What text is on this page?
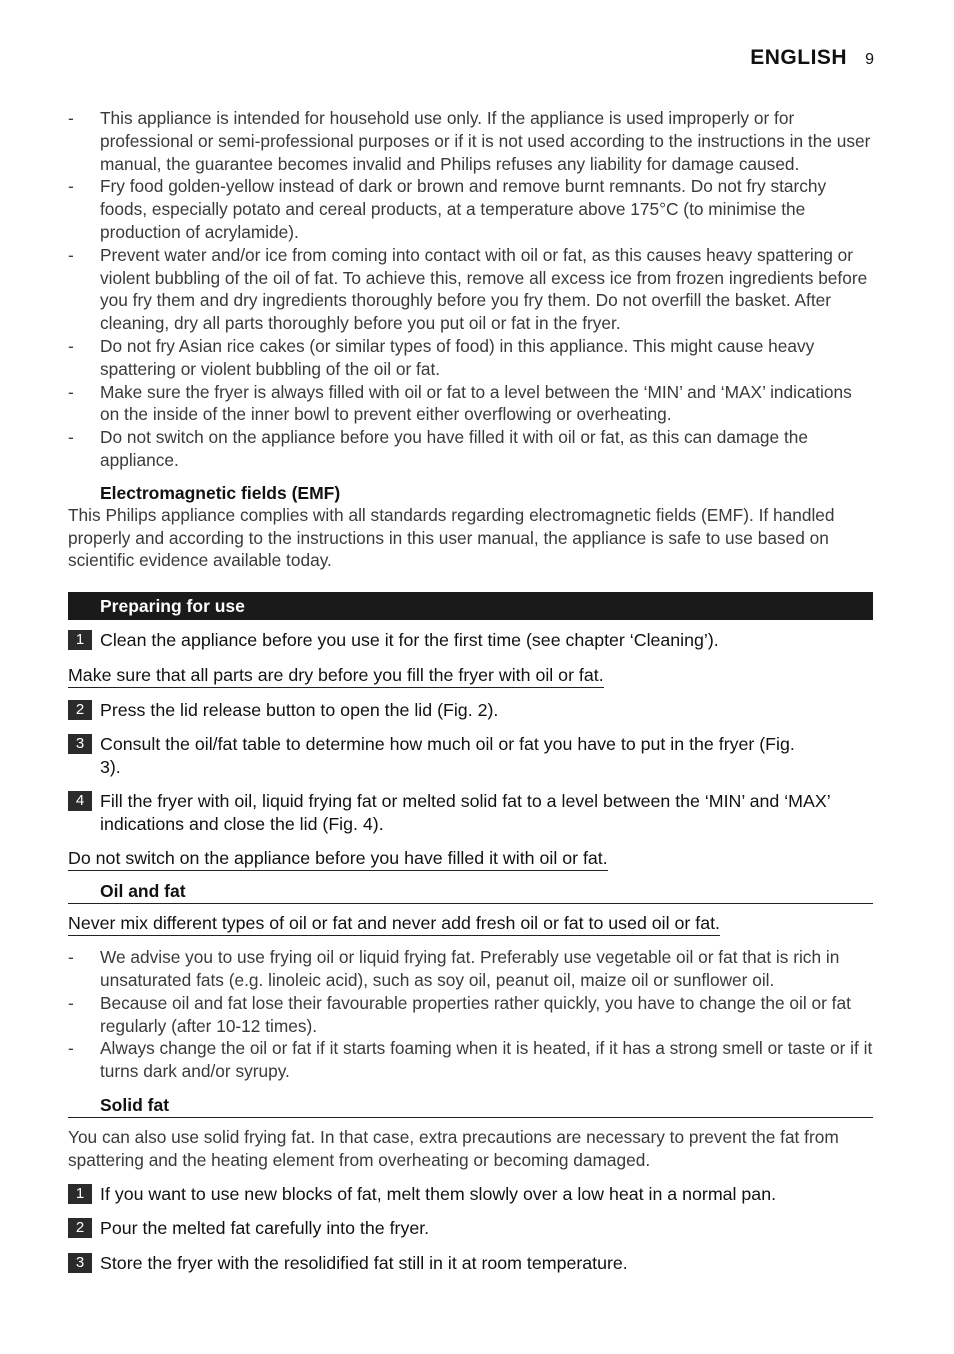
ENGLISH 9
- This appliance is intended for household use only. If the appliance is used improperly or for professional or semi-professional purposes or if it is not used according to the instructions in the user manual, the guarantee becomes invalid and Philips refuses any liability for damage caused.
- Fry food golden-yellow instead of dark or brown and remove burnt remnants. Do not fry starchy foods, especially potato and cereal products, at a temperature above 175°C (to minimise the production of acrylamide).
- Prevent water and/or ice from coming into contact with oil or fat, as this causes heavy spattering or violent bubbling of the oil of fat. To achieve this, remove all excess ice from frozen ingredients before you fry them and dry ingredients thoroughly before you fry them. Do not overfill the basket. After cleaning, dry all parts thoroughly before you put oil or fat in the fryer.
- Do not fry Asian rice cakes (or similar types of food) in this appliance. This might cause heavy spattering or violent bubbling of the oil or fat.
- Make sure the fryer is always filled with oil or fat to a level between the ‘MIN’ and ‘MAX’ indications on the inside of the inner bowl to prevent either overflowing or overheating.
- Do not switch on the appliance before you have filled it with oil or fat, as this can damage the appliance.
Electromagnetic fields (EMF)
This Philips appliance complies with all standards regarding electromagnetic fields (EMF). If handled properly and according to the instructions in this user manual, the appliance is safe to use based on scientific evidence available today.
Preparing for use
1 Clean the appliance before you use it for the first time (see chapter ‘Cleaning’).
Make sure that all parts are dry before you fill the fryer with oil or fat.
2 Press the lid release button to open the lid (Fig. 2).
3 Consult the oil/fat table to determine how much oil or fat you have to put in the fryer (Fig. 3).
4 Fill the fryer with oil, liquid frying fat or melted solid fat to a level between the ‘MIN’ and ‘MAX’ indications and close the lid (Fig. 4).
Do not switch on the appliance before you have filled it with oil or fat.
Oil and fat
Never mix different types of oil or fat and never add fresh oil or fat to used oil or fat.
- We advise you to use frying oil or liquid frying fat. Preferably use vegetable oil or fat that is rich in unsaturated fats (e.g. linoleic acid), such as soy oil, peanut oil, maize oil or sunflower oil.
- Because oil and fat lose their favourable properties rather quickly, you have to change the oil or fat regularly (after 10-12 times).
- Always change the oil or fat if it starts foaming when it is heated, if it has a strong smell or taste or if it turns dark and/or syrupy.
Solid fat
You can also use solid frying fat. In that case, extra precautions are necessary to prevent the fat from spattering and the heating element from overheating or becoming damaged.
1 If you want to use new blocks of fat, melt them slowly over a low heat in a normal pan.
2 Pour the melted fat carefully into the fryer.
3 Store the fryer with the resolidified fat still in it at room temperature.
